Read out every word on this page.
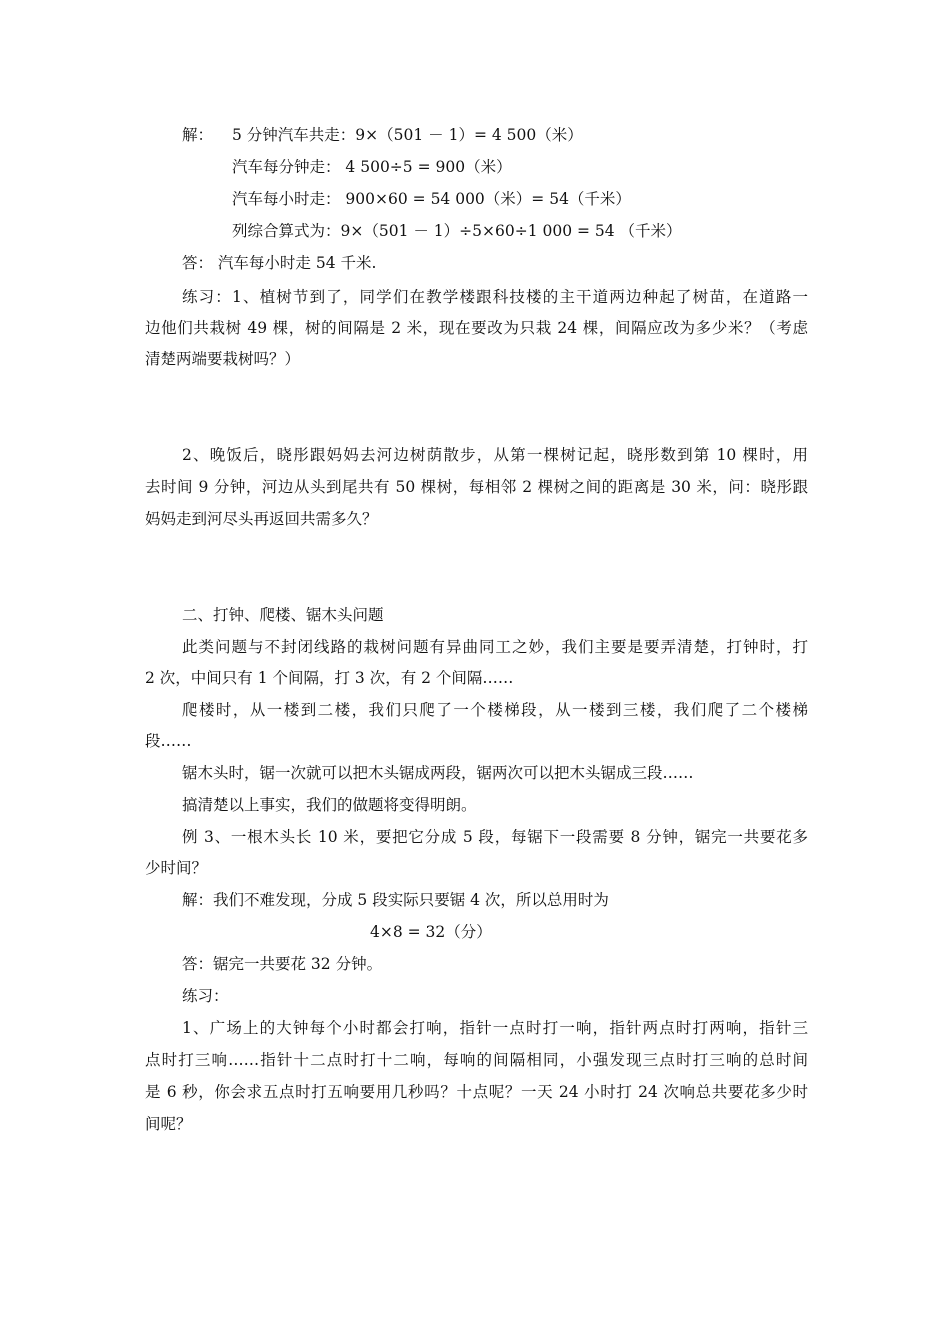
解： 5 分钟汽车共走：9×（501 － 1）= 4 500（米）
汽车每分钟走： 4 500÷5 = 900（米）
汽车每小时走： 900×60 = 54 000（米）= 54（千米）
列综合算式为：9×（501 － 1）÷5×60÷1 000 = 54 （千米）
答： 汽车每小时走 54 千米.
练习：1、植树节到了，同学们在教学楼跟科技楼的主干道两边种起了树苗，在道路一
边他们共栽树 49 棵，树的间隔是 2 米，现在要改为只栽 24 棵，间隔应改为多少米？（考虑
清楚两端要栽树吗？）
2、晚饭后，晓彤跟妈妈去河边树荫散步，从第一棵树记起，晓彤数到第 10 棵时，用
去时间 9 分钟，河边从头到尾共有 50 棵树，每相邻 2 棵树之间的距离是 30 米，问：晓彤跟
妈妈走到河尽头再返回共需多久？
二、打钟、爬楼、锯木头问题
此类问题与不封闭线路的栽树问题有异曲同工之妙，我们主要是要弄清楚，打钟时，打
2 次，中间只有 1 个间隔，打 3 次，有 2 个间隔……
爬楼时，从一楼到二楼，我们只爬了一个楼梯段，从一楼到三楼，我们爬了二个楼梯
段……
锯木头时，锯一次就可以把木头锯成两段，锯两次可以把木头锯成三段……
搞清楚以上事实，我们的做题将变得明朗。
例 3、一根木头长 10 米，要把它分成 5 段，每锯下一段需要 8 分钟，锯完一共要花多
少时间？
解：我们不难发现，分成 5 段实际只要锯 4 次，所以总用时为
4×8 = 32（分）
答：锯完一共要花 32 分钟。
练习：
1、广场上的大钟每个小时都会打响，指针一点时打一响，指针两点时打两响，指针三
点时打三响……指针十二点时打十二响，每响的间隔相同，小强发现三点时打三响的总时间
是 6 秒，你会求五点时打五响要用几秒吗？十点呢？一天 24 小时打 24 次响总共要花多少时
间呢？
